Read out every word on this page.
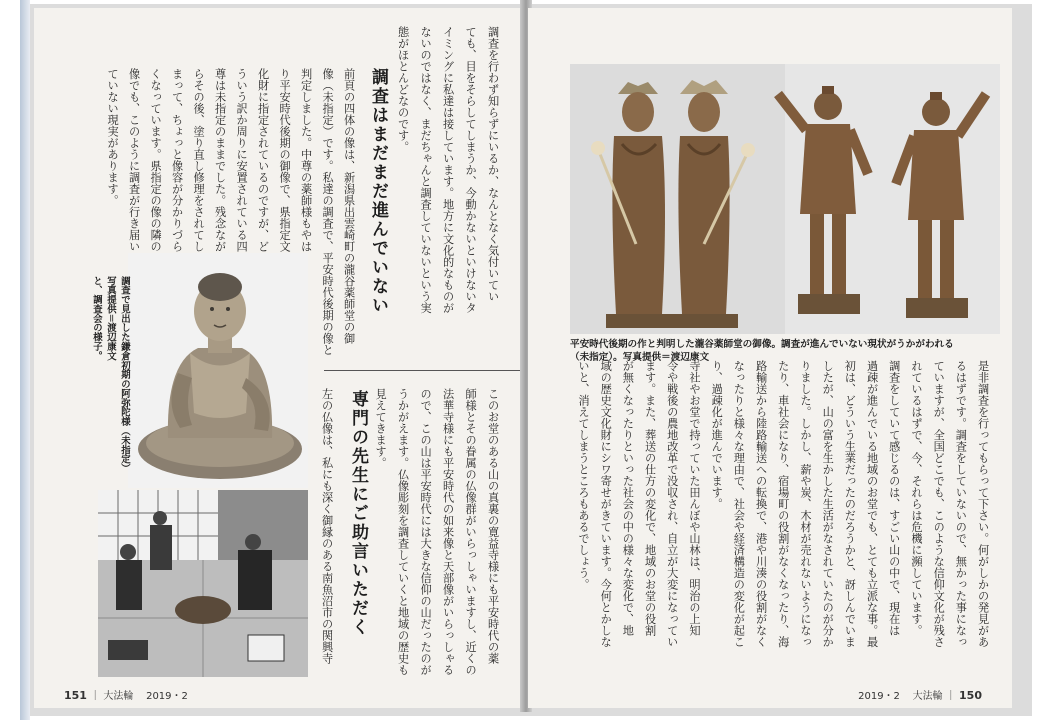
調査を行わず知らずにいるか、なんとなく気付いてい
ても、目をそらしてしまうか、今動かないといけないタ
イミングに私達は接しています。地方に文化的なものが
ないのではなく、まだちゃんと調査していないという実
態がほとんどなのです。
調査はまだまだ進んでいない
前頁の四体の像は、新潟県出雲崎町の瀧谷薬師堂の御
像（未指定）です。私達の調査で、平安時代後期の像と
判定しました。中尊の薬師様もやは
り平安時代後期の御像で、県指定文
化財に指定されているのですが、ど
ういう訳か周りに安置されている四
尊は未指定のままでした。残念なが
らその後、塗り直し修理をされてし
まって、ちょっと像容が分かりづら
くなっています。県指定の像の隣の
像でも、このように調査が行き届い
ていない現実があります。
調査で見出した鎌倉初期の阿弥陀様（未指定）
写真提供＝渡辺康文
と、調査会の様子。
このお堂のある山の真裏の寛益寺様にも平安時代の薬
師様とその眷属の仏像群がいらっしゃいますし、近くの
法華寺様にも平安時代の如来像と天部像がいらっしゃる
ので、この山は平安時代には大きな信仰の山だったのが
うかがえます。仏像彫刻を調査していくと地域の歴史も
見えてきます。
専門の先生にご助言いただく
左の仏像は、私にも深く御縁のある南魚沼市の関興寺
151 ｜ 大法輪 2019・2
平安時代後期の作と判明した瀧谷薬師堂の御像。調査が進んでいない現状がうかがわれる
（未指定）。写真提供＝渡辺康文
是非調査を行ってもらって下さい。何がしかの発見があ
るはずです。調査をしていないので、無かった事になっ
ていますが、全国どこでも、このような信仰文化が残さ
れているはずで、今、それらは危機に瀕しています。
調査をしていて感じるのは、すごい山の中で、現在は
過疎が進んでいる地域のお堂でも、とても立派な事。最
初は、どういう生業だったのだろうかと、訝しんでいま
したが、山の富を生かした生活がなされていたのが分か
りました。しかし、薪や炭、木材が売れないようになっ
たり、車社会になり、宿場町の役割がなくなったり、海
路輸送から陸路輸送への転換で、港や川湊の役割がなく
なったりと様々な理由で、社会や経済構造の変化が起こ
り、過疎化が進んでいます。
寺社やお堂で持っていた田んぼや山林は、明治の上知
令や戦後の農地改革で没収され、自立が大変になってい
ます。また、葬送の仕方の変化で、地域のお堂の役割
が無くなったりといった社会の中の様々な変化で、地
域の歴史文化財にシワ寄せがきています。今何とかしな
いと、消えてしまうところもあるでしょう。
2019・2 大法輪 ｜ 150
